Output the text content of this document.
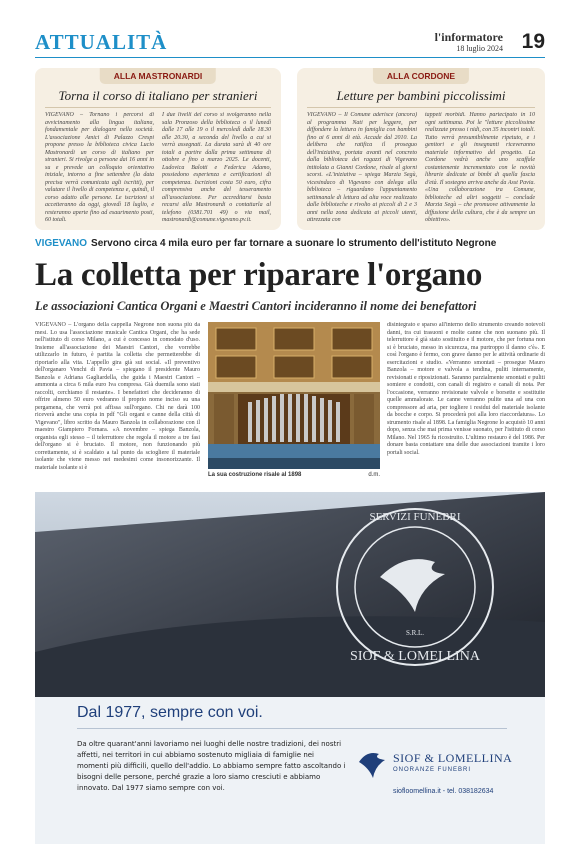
ATTUALITÀ	l'informatore
18 luglio 2024 19
ALLA MASTRONARDI
Torna il corso di italiano per stranieri
VIGEVANO – Tornano i percorsi di avvicinamento alla lingua italiana, fondamentale per dialogare nella società. L'associazione Amici di Palazzo Crespi propone presso la biblioteca civica Lucio Mastronardi un corso di italiano per stranieri. Si rivolge a persone dai 16 anni in su e prevede un colloquio orientativo iniziale, intorno a fine settembre (la data precisa verrà comunicata agli iscritti), per valutare il livello di competenza e, quindi, il corso adatto alle persone. Le iscrizioni si accetteranno da oggi, giovedì 18 luglio, e resteranno aperte fino ad esaurimento posti, 60 totali.
I due livelli del corso si svolgeranno nella sala Pronzoso della biblioteca o il lunedì dalle 17 alle 19 o il mercoledì dalle 18.30 alle 20.30, a seconda del livello a cui si verrà assegnati. La durata sarà di 40 ore totali a partire dalla prima settimana di ottobre e fino a marzo 2025. Le docenti, Ludovica Balotti e Federica Adamo, possiedono esperienza e certificazioni di competenza. Iscrizioni costa 50 euro, cifra comprensiva anche del tesseramento all'associazione. Per accreditarsi basta recarsi alla Mastronardi o contattarla al telefono (0381.701 49) o via mail, mastronardi@comune.vigevano.pv.it.
ALLA CORDONE
Letture per bambini piccolissimi
VIGEVANO – Il Comune aderisce (ancora) al programma Nati per leggere, per diffondere la lettura in famiglia con bambini fino ai 6 anni di età. Accade dal 2010. La delibera che ratifica il proseguo dell'iniziativa, portata avanti nel concreto dalla biblioteca dei ragazzi di Vigevano intitolata a Gianni Cordone, risale al giorni scorsi. «L'iniziativa – spiega Marzia Segù, vicesindaco di Vigevano con delega alla biblioteca – riguardano l'appuntamento settimanale di lettura ad alta voce realizzato dalle biblioteche e rivolto ai piccoli di 2 e 3 anni nella zona dedicata ai piccoli utenti, attrezzata con
tappeti morbidi. Hanno partecipato in 10 ogni settimana. Poi le "letture piccolissime realizzate presso i nidi, con 35 incontri totali. Tutto verrà presumibilmente ripetuto, e i genitori e gli insegnanti riceveranno materiale informativo del progetto. La Cordone vedrà anche uno scaffale costantemente incrementato con le novità librarie dedicate ai bimbi di quella fascia d'età. Il sostegno arriva anche da Asst Pavia. «Una collaborazione tra Comune, biblioteche ed altri soggetti – conclude Marzia Segù – che promuove attivamente la diffusione della cultura, che è da sempre un obiettivo».
VIGEVANO Servono circa 4 mila euro per far tornare a suonare lo strumento dell'istituto Negrone
La colletta per riparare l'organo
Le associazioni Cantica Organi e Maestri Cantori incideranno il nome dei benefattori
VIGEVANO – L'organo della cappella Negrone non suona più da mesi. Lo usa l'associazione musicale Cantica Organi, che ha sede nell'istituto di corso Milano, a cui è concesso in comodato d'uso. Insieme all'associazione dei Maestri Cantori, che vorrebbe utilizzarlo in futuro, è partita la colletta che permetterebbe di riportarlo alla vita. L'appello gira già sui social. «Il preventivo dell'organaro Venchi di Pavia – spiegano il presidente Mauro Banzola e Adriana Gagliardella, che guida i Maestri Cantori – ammonta a circa 6 mila euro Iva compresa. Già duemila sono stati raccolti, cerchiamo il restante». I benefattori che decideranno di offrire almeno 50 euro vedranno il proprio nome inciso su una pergamena, che verrà poi affissa sull'organo. Chi ne darà 100 riceverà anche una copia in pdf "Gli organi e canne della città di Vigevano", libro scritto da Mauro Banzola in collaborazione con il maestro Giampiero Fornara. «A novembre – spiega Banzola, organista egli stesso – il telerruttore che regola il motore a tre fasi dell'organo si è bruciato. Il motore, non funzionando più correttamente, si è scaldato a tal punto da sciogliere il materiale isolante che viene messo nei medesimi come insonorizzante. Il materiale isolante si è
La sua costruzione risale al 1898	d.m.
disintegrato e sparso all'interno dello strumento creando notevoli danni, tra cui trasuoni e molte canne che non suonano più. Il telerruttore è già stato sostituito e il motore, che per fortuna non si è bruciato, messo in sicurezza, ma purtroppo il danno c'è». E così l'organo è fermo, con grave danno per le attività ordinarie di esercitazioni e studio. «Verranno smontati – prosegue Mauro Banzola – motore e valvola a tendina, puliti internamente, revisionati e riposizionati. Saranno parzialmente smontati e puliti somiere e condotti, con canali di registro e canali di nota. Per l'occasione, verranno revisionate valvole e borsette e sostituite quelle ammalorate. Le canne verranno pulite una ad una con compressore ad aria, per togliere i residui del materiale isolante da bocche e corpo. Si procederà poi alla loro riaccordatura». Lo strumento risale al 1898. La famiglia Negrone lo acquistò 10 anni dopo, senza che mai prima venisse suonato, per l'istituto di corso Milano. Nel 1965 fu ricostruito. L'ultimo restauro è del 1986. Per donare basta contattare una delle due associazioni tramite i loro portali social.
SERVIZI FUNEBRI
SIOF & LOMELLINA
S.R.L.
Dal 1977, sempre con voi.
Da oltre quarant'anni lavoriamo nei luoghi delle nostre tradizioni, dei nostri affetti, nei territori in cui abbiamo sostenuto migliaia di famiglie nei momenti più difficili, quello dell'addio. Lo abbiamo sempre fatto ascoltando i bisogni delle persone, perché grazie a loro siamo cresciuti e abbiamo innovato. Dal 1977 siamo sempre con voi.
SIOF & LOMELLINA
ONORANZE FUNEBRI
siofloomellina.it - tel. 038182634
